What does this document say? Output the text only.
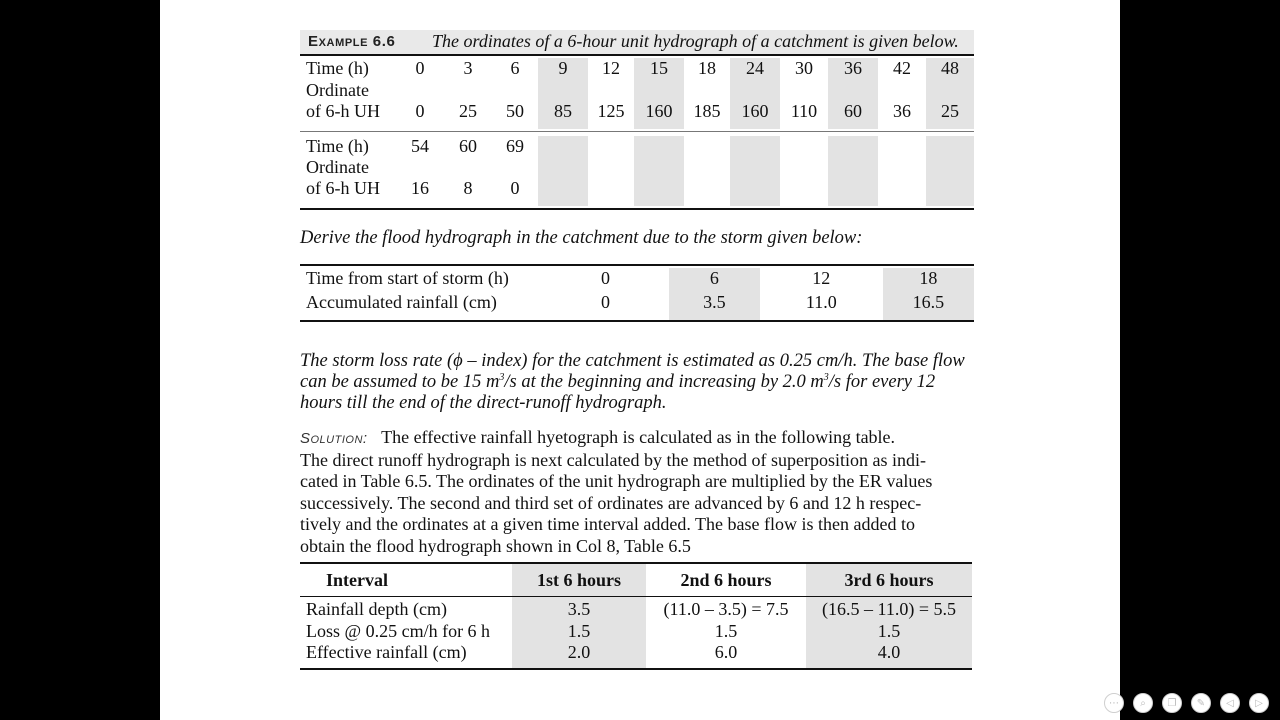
Example 6.6 The ordinates of a 6-hour unit hydrograph of a catchment is given below.
Time (h)	0	3	6	9	12	15	18	24	30	36	42	48
Ordinate												
of 6-h UH	0	25	50	85	125	160	185	160	110	60	36	25
Time (h)	54	60	69									
Ordinate												
of 6-h UH	16	8	0									
Derive the flood hydrograph in the catchment due to the storm given below:
Time from start of storm (h)	0	6	12	18
Accumulated rainfall (cm)	0	3.5	11.0	16.5
The storm loss rate (ϕ – index) for the catchment is estimated as 0.25 cm/h. The base flow
can be assumed to be 15 $m^3/s$ at the beginning and increasing by 2.0 $m^3/s$ for every 12
hours till the end of the direct-runoff hydrograph.
Solution: The effective rainfall hyetograph is calculated as in the following table.
The direct runoff hydrograph is next calculated by the method of superposition as indi-
cated in Table 6.5. The ordinates of the unit hydrograph are multiplied by the ER values
successively. The second and third set of ordinates are advanced by 6 and 12 h respec-
tively and the ordinates at a given time interval added. The base flow is then added to
obtain the flood hydrograph shown in Col 8, Table 6.5
Interval	1st 6 hours	2nd 6 hours	3rd 6 hours

Rainfall depth (cm)	3.5	(11.0 – 3.5) = 7.5	(16.5 – 11.0) = 5.5
Loss @ 0.25 cm/h for 6 h	1.5	1.5	1.5
Effective rainfall (cm)	2.0	6.0	4.0
⋯	⌕	❐	✎	◁	▷
